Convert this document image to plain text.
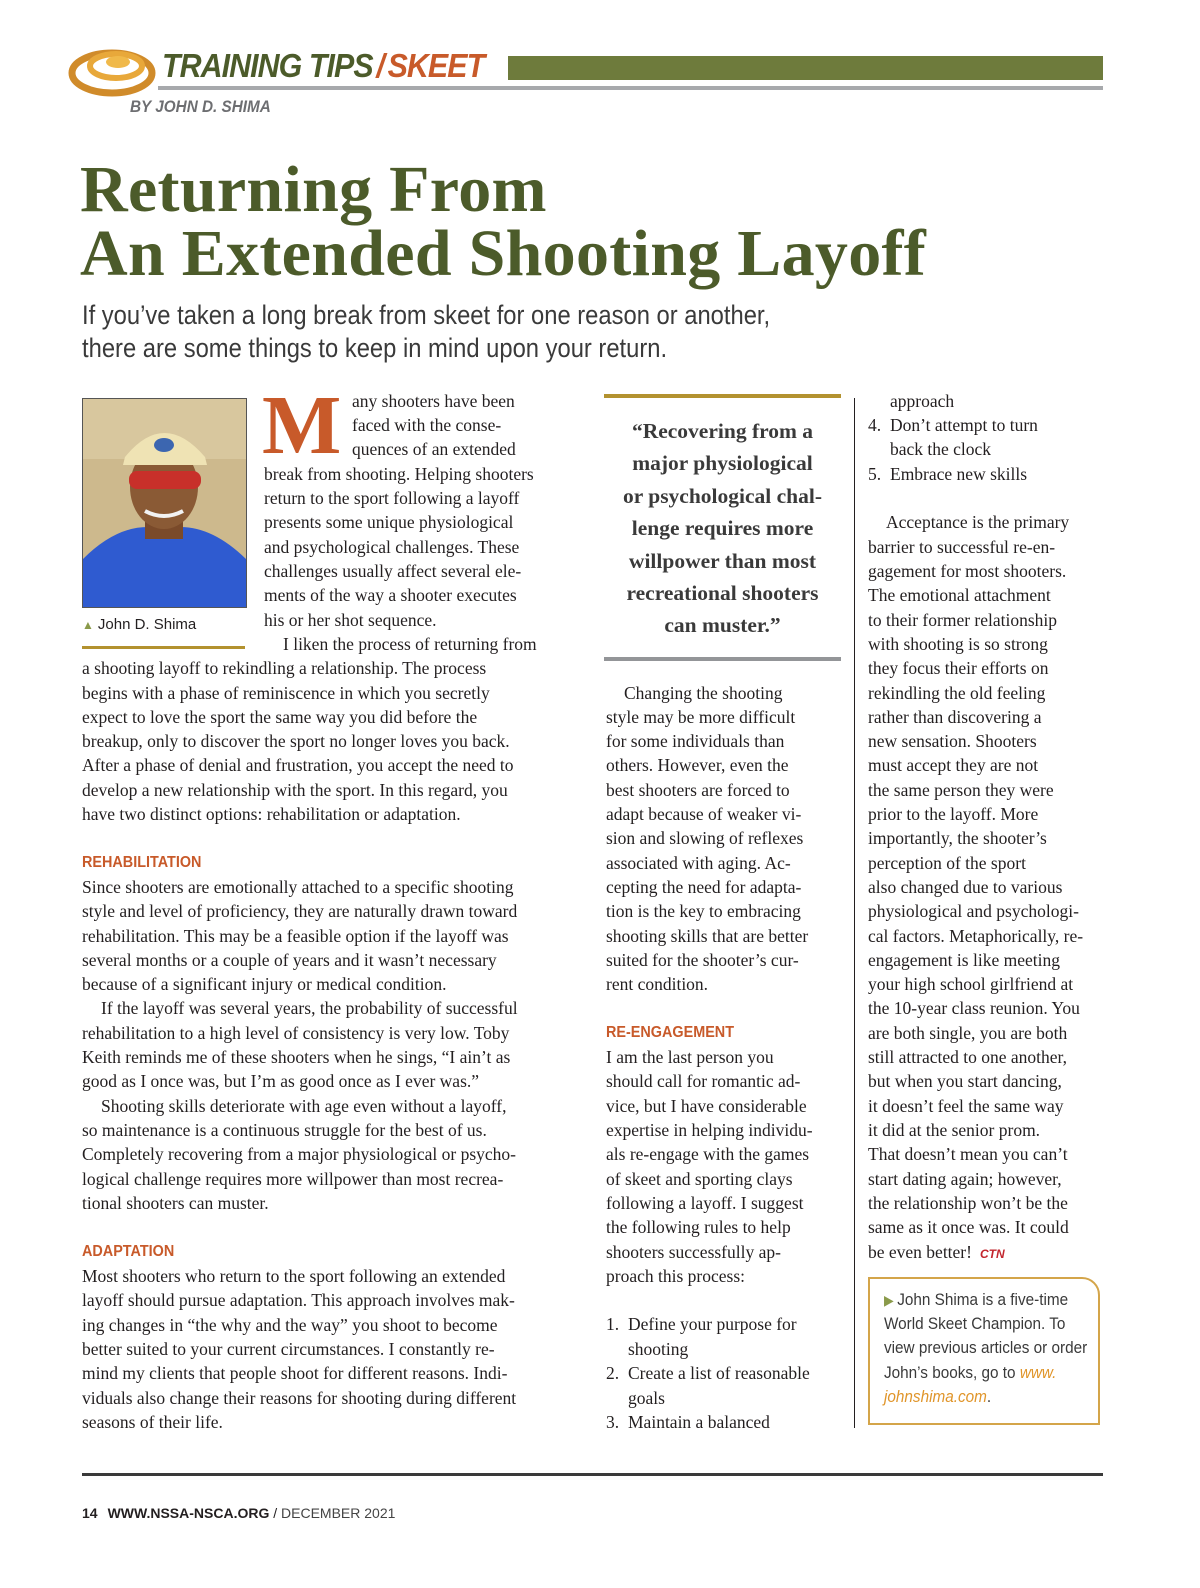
TRAINING TIPS / SKEET
BY JOHN D. SHIMA
Returning From
An Extended Shooting Layoff
If you’ve taken a long break from skeet for one reason or another,
there are some things to keep in mind upon your return.
▲ John D. Shima
M any shooters have been
faced with the conse-
quences of an extended
break from shooting. Helping shooters
return to the sport following a layoff
presents some unique physiological
and psychological challenges. These
challenges usually affect several ele-
ments of the way a shooter executes
his or her shot sequence.
I liken the process of returning from
a shooting layoff to rekindling a relationship. The process
begins with a phase of reminiscence in which you secretly
expect to love the sport the same way you did before the
breakup, only to discover the sport no longer loves you back.
After a phase of denial and frustration, you accept the need to
develop a new relationship with the sport. In this regard, you
have two distinct options: rehabilitation or adaptation.
REHABILITATION
Since shooters are emotionally attached to a specific shooting
style and level of proficiency, they are naturally drawn toward
rehabilitation. This may be a feasible option if the layoff was
several months or a couple of years and it wasn’t necessary
because of a significant injury or medical condition.
If the layoff was several years, the probability of successful
rehabilitation to a high level of consistency is very low. Toby
Keith reminds me of these shooters when he sings, “I ain’t as
good as I once was, but I’m as good once as I ever was.”
Shooting skills deteriorate with age even without a layoff,
so maintenance is a continuous struggle for the best of us.
Completely recovering from a major physiological or psycho-
logical challenge requires more willpower than most recrea-
tional shooters can muster.
ADAPTATION
Most shooters who return to the sport following an extended
layoff should pursue adaptation. This approach involves mak-
ing changes in “the why and the way” you shoot to become
better suited to your current circumstances. I constantly re-
mind my clients that people shoot for different reasons. Indi-
viduals also change their reasons for shooting during different
seasons of their life.
“Recovering from a
major physiological
or psychological chal-
lenge requires more
willpower than most
recreational shooters
can muster.”
Changing the shooting
style may be more difficult
for some individuals than
others. However, even the
best shooters are forced to
adapt because of weaker vi-
sion and slowing of reflexes
associated with aging. Ac-
cepting the need for adapta-
tion is the key to embracing
shooting skills that are better
suited for the shooter’s cur-
rent condition.
RE-ENGAGEMENT
I am the last person you
should call for romantic ad-
vice, but I have considerable
expertise in helping individu-
als re-engage with the games
of skeet and sporting clays
following a layoff. I suggest
the following rules to help
shooters successfully ap-
proach this process:
1. Define your purpose for
shooting
2. Create a list of reasonable
goals
3. Maintain a balanced
approach
4. Don’t attempt to turn
back the clock
5. Embrace new skills
Acceptance is the primary
barrier to successful re-en-
gagement for most shooters.
The emotional attachment
to their former relationship
with shooting is so strong
they focus their efforts on
rekindling the old feeling
rather than discovering a
new sensation. Shooters
must accept they are not
the same person they were
prior to the layoff. More
importantly, the shooter’s
perception of the sport
also changed due to various
physiological and psychologi-
cal factors. Metaphorically, re-
engagement is like meeting
your high school girlfriend at
the 10-year class reunion. You
are both single, you are both
still attracted to one another,
but when you start dancing,
it doesn’t feel the same way
it did at the senior prom.
That doesn’t mean you can’t
start dating again; however,
the relationship won’t be the
same as it once was. It could
be even better! CTN
▶ John Shima is a five-time
World Skeet Champion. To
view previous articles or order
John’s books, go to www.
johnshima.com.
14 WWW.NSSA-NSCA.ORG / DECEMBER 2021
